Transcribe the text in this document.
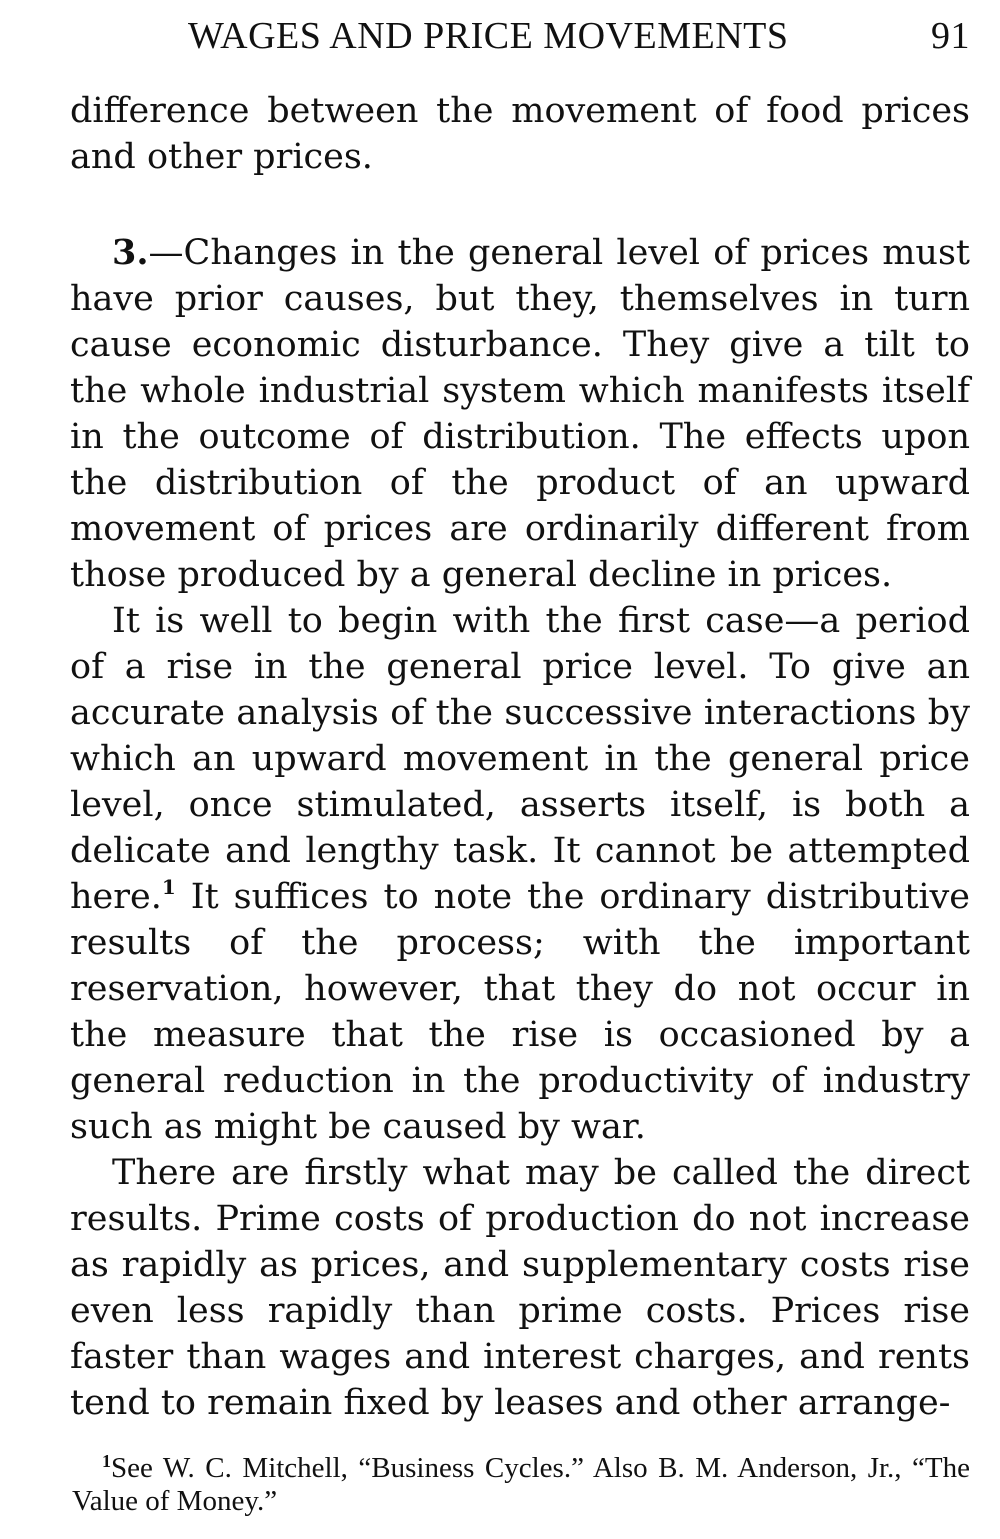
WAGES AND PRICE MOVEMENTS	91

difference between the movement of food prices and other prices.

3.—Changes in the general level of prices must have prior causes, but they, themselves in turn cause economic disturbance. They give a tilt to the whole industrial system which manifests itself in the outcome of distribution. The effects upon the distribution of the product of an upward movement of prices are ordinarily different from those produced by a general decline in prices.

It is well to begin with the first case—a period of a rise in the general price level. To give an accurate analysis of the successive interactions by which an upward movement in the general price level, once stimulated, asserts itself, is both a delicate and lengthy task. It cannot be attempted here.$^1$ It suffices to note the ordinary distributive results of the process; with the important reservation, however, that they do not occur in the measure that the rise is occasioned by a general reduction in the productivity of industry such as might be caused by war.

There are firstly what may be called the direct results. Prime costs of production do not increase as rapidly as prices, and supplementary costs rise even less rapidly than prime costs. Prices rise faster than wages and interest charges, and rents tend to remain fixed by leases and other arrange-

$^1$See W. C. Mitchell, “Business Cycles.” Also B. M. Anderson, Jr., “The Value of Money.”
